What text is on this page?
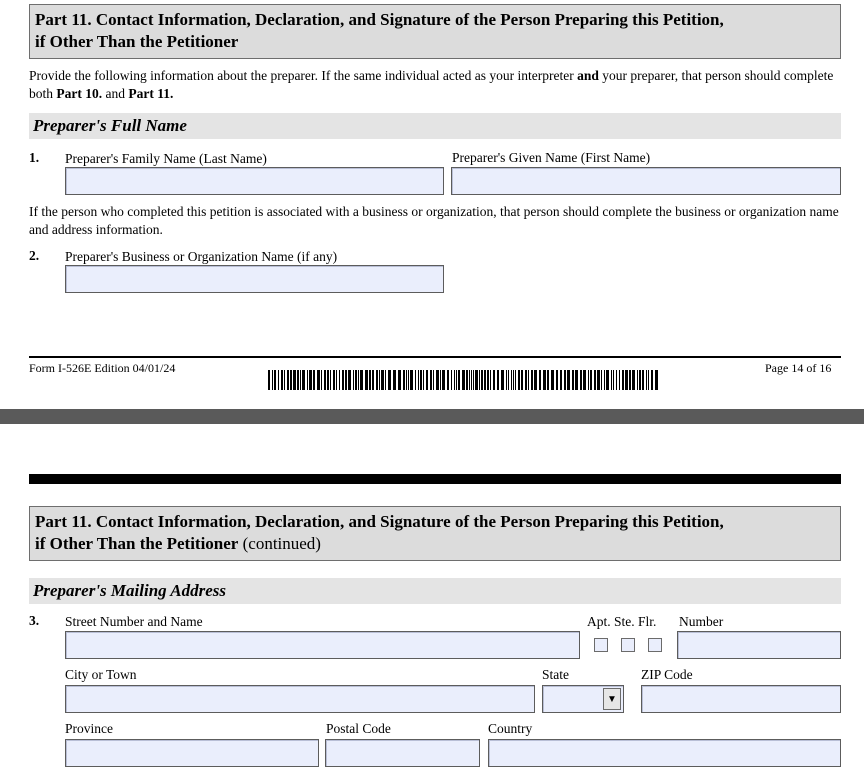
Part 11. Contact Information, Declaration, and Signature of the Person Preparing this Petition,
if Other Than the Petitioner
Provide the following information about the preparer. If the same individual acted as your interpreter and your preparer, that person should complete both Part 10. and Part 11.
Preparer's Full Name
1. Preparer's Family Name (Last Name)	Preparer's Given Name (First Name)
If the person who completed this petition is associated with a business or organization, that person should complete the business or organization name and address information.
2. Preparer's Business or Organization Name (if any)
Form I-526E Edition 04/01/24	Page 14 of 16
Part 11. Contact Information, Declaration, and Signature of the Person Preparing this Petition,
if Other Than the Petitioner (continued)
Preparer's Mailing Address
3. Street Number and Name	Apt. Ste. Flr. Number
City or Town	State	ZIP Code
▼
Province	Postal Code	Country
